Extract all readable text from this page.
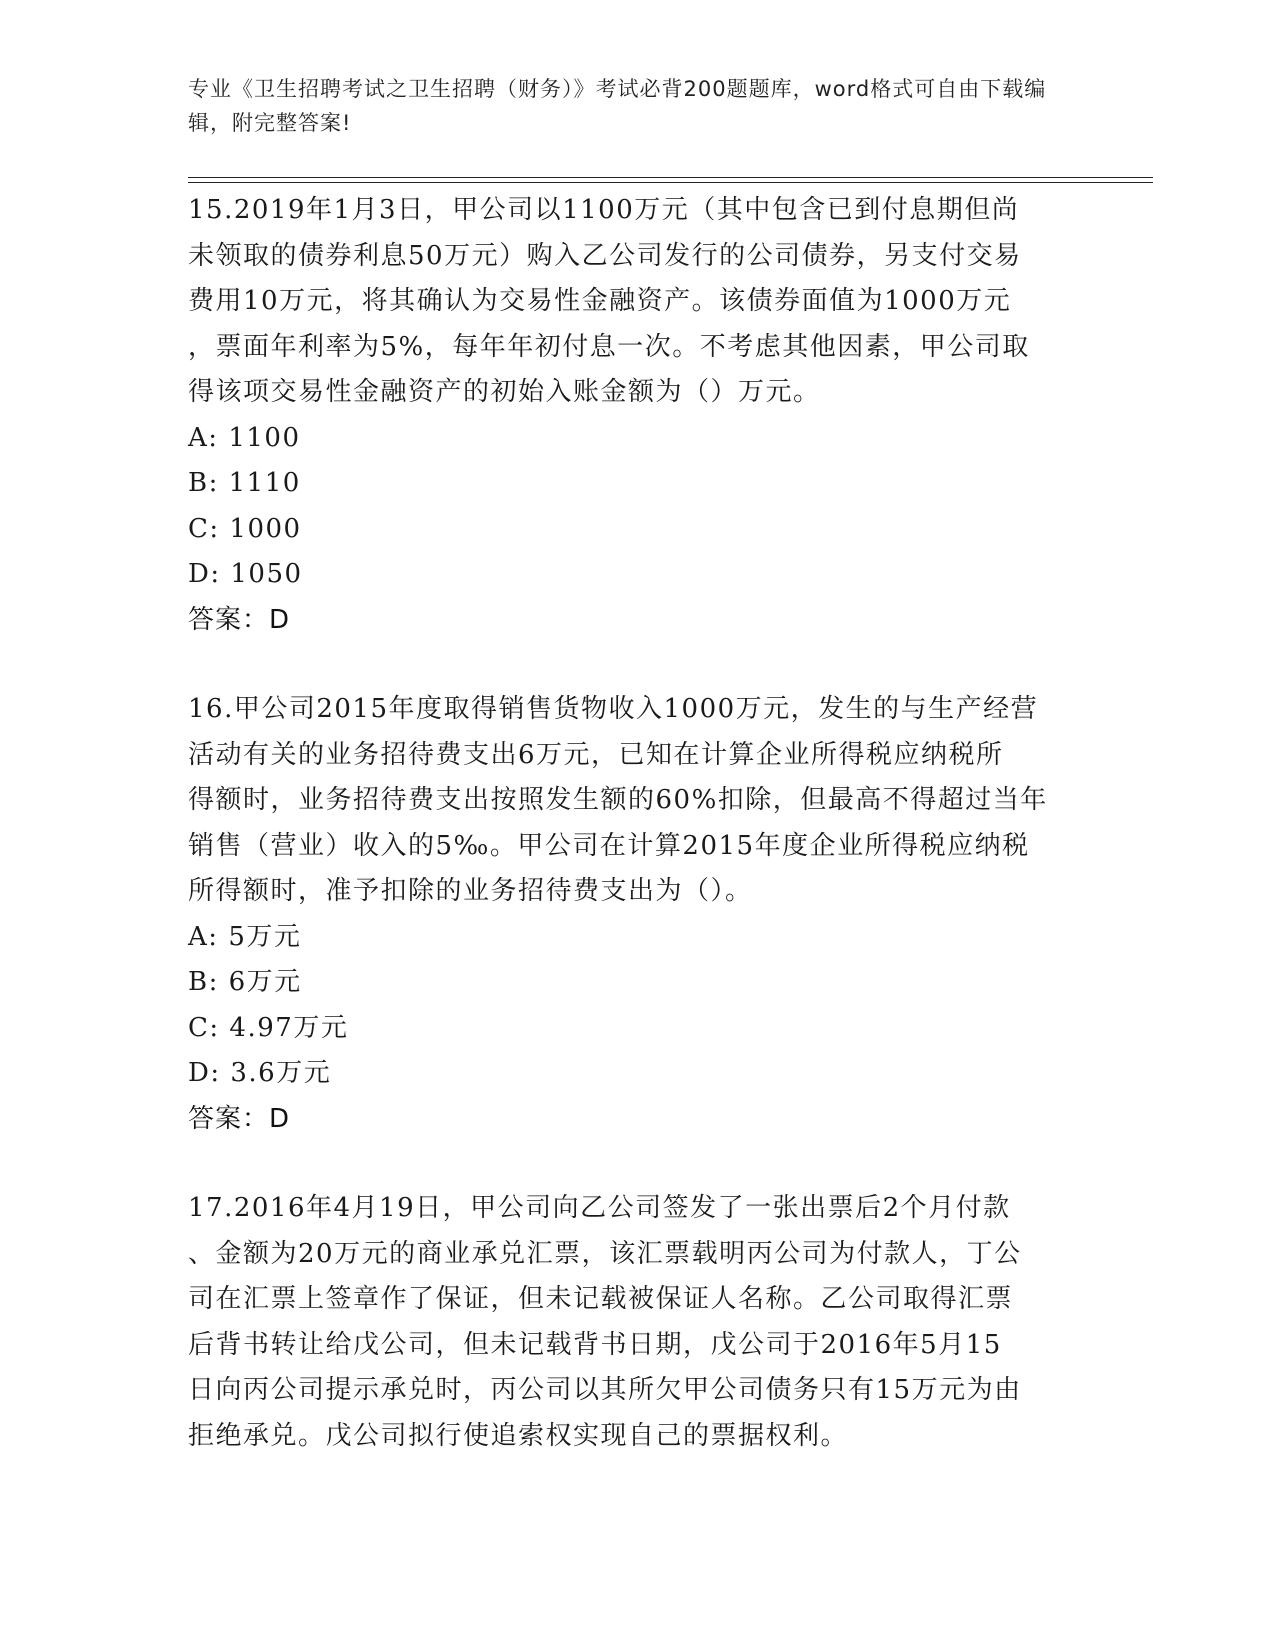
专业《卫生招聘考试之卫生招聘（财务）》考试必背200题题库，word格式可自由下载编辑，附完整答案!
15.2019年1月3日，甲公司以1100万元（其中包含已到付息期但尚
未领取的债券利息50万元）购入乙公司发行的公司债券，另支付交易
费用10万元，将其确认为交易性金融资产。该债券面值为1000万元
，票面年利率为5%，每年年初付息一次。不考虑其他因素，甲公司取
得该项交易性金融资产的初始入账金额为（）万元。
A: 1100
B: 1110
C: 1000
D: 1050
答案：D
16.甲公司2015年度取得销售货物收入1000万元，发生的与生产经营
活动有关的业务招待费支出6万元，已知在计算企业所得税应纳税所
得额时，业务招待费支出按照发生额的60%扣除，但最高不得超过当年
销售（营业）收入的5‰。甲公司在计算2015年度企业所得税应纳税
所得额时，准予扣除的业务招待费支出为（）。
A: 5万元
B: 6万元
C: 4.97万元
D: 3.6万元
答案：D
17.2016年4月19日，甲公司向乙公司签发了一张出票后2个月付款
、金额为20万元的商业承兑汇票，该汇票载明丙公司为付款人，丁公
司在汇票上签章作了保证，但未记载被保证人名称。乙公司取得汇票
后背书转让给戊公司，但未记载背书日期，戊公司于2016年5月15
日向丙公司提示承兑时，丙公司以其所欠甲公司债务只有15万元为由
拒绝承兑。戊公司拟行使追索权实现自己的票据权利。
